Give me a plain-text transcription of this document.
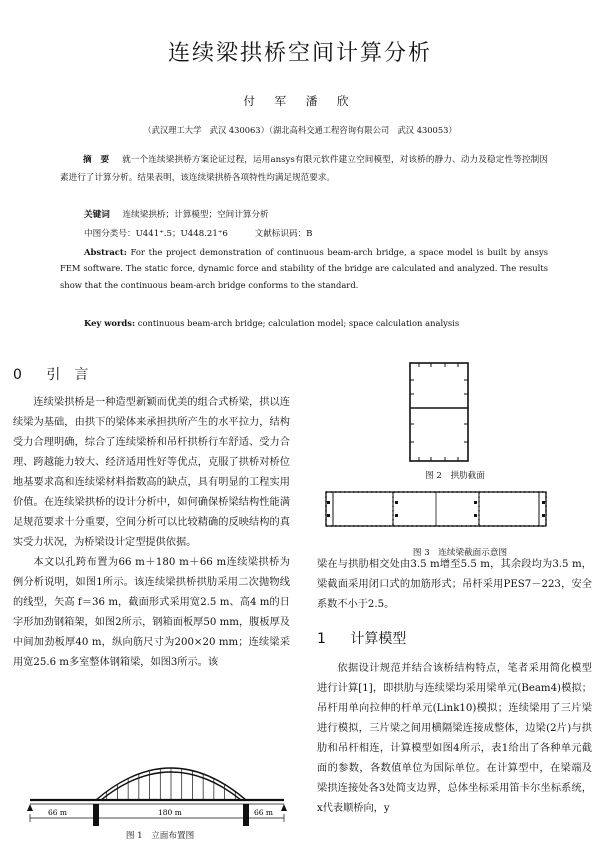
连续梁拱桥空间计算分析
付 军 潘 欣
（武汉理工大学　武汉 430063）（湖北高科交通工程咨询有限公司　武汉 430053）
摘　要 就一个连续梁拱桥方案论证过程，运用ansys有限元软件建立空间模型，对该桥的静力、动力及稳定性等控制因素进行了计算分析。结果表明，该连续梁拱桥各项特性均满足规范要求。
关键词 连续梁拱桥；计算模型；空间计算分析
中图分类号：U441⁺.5；U448.21⁺6	文献标识码：B
Abstract: For the project demonstration of continuous beam-arch bridge, a space model is built by ansys FEM software. The static force, dynamic force and stability of the bridge are calculated and analyzed. The results show that the continuous beam-arch bridge conforms to the standard.
Key words: continuous beam-arch bridge; calculation model; space calculation analysis
0 引　言

连续梁拱桥是一种造型新颖而优美的组合式桥梁，拱以连续梁为基础，由拱下的梁体来承担拱所产生的水平拉力，结构受力合理明确，综合了连续梁桥和吊杆拱桥行车舒适、受力合理、跨越能力较大、经济适用性好等优点，克服了拱桥对桥位地基要求高和连续梁材料指数高的缺点，具有明显的工程实用价值。在连续梁拱桥的设计分析中，如何确保桥梁结构性能满足规范要求十分重要，空间分析可以比较精确的反映结构的真实受力状况，为桥梁设计定型提供依据。

本文以孔跨布置为66 m＋180 m＋66 m连续梁拱桥为例分析说明，如图1所示。该连续梁拱桥拱肋采用二次抛物线的线型，矢高 f＝36 m，截面形式采用宽2.5 m、高4 m的日字形加劲钢箱架，如图2所示，钢箱面板厚50 mm，腹板厚及中间加劲板厚40 m，纵向筋尺寸为200×20 mm；连续梁采用宽25.6 m多室整体钢箱梁，如图3所示。该

图 2　拱肋截面
图 3　连续梁截面示意图

梁在与拱肋相交处由3.5 m增至5.5 m，其余段均为3.5 m，梁截面采用闭口式的加筋形式；吊杆采用PES7－223，安全系数不小于2.5。

1 计算模型

依据设计规范并结合该桥结构特点，笔者采用简化模型进行计算[1]，即拱肋与连续梁均采用梁单元(Beam4)模拟；吊杆用单向拉伸的杆单元(Link10)模拟；连续梁用了三片梁进行模拟，三片梁之间用横隔梁连接成整体，边梁(2片)与拱肋和吊杆相连，计算模型如图4所示，表1给出了各种单元截面的参数，各数值单位为国际单位。在计算型中，在梁端及梁拱连接处各3处简支边界，总体坐标采用笛卡尔坐标系统，x代表顺桥向，y

66 m	180 m	66 m
图 1　立面布置图
